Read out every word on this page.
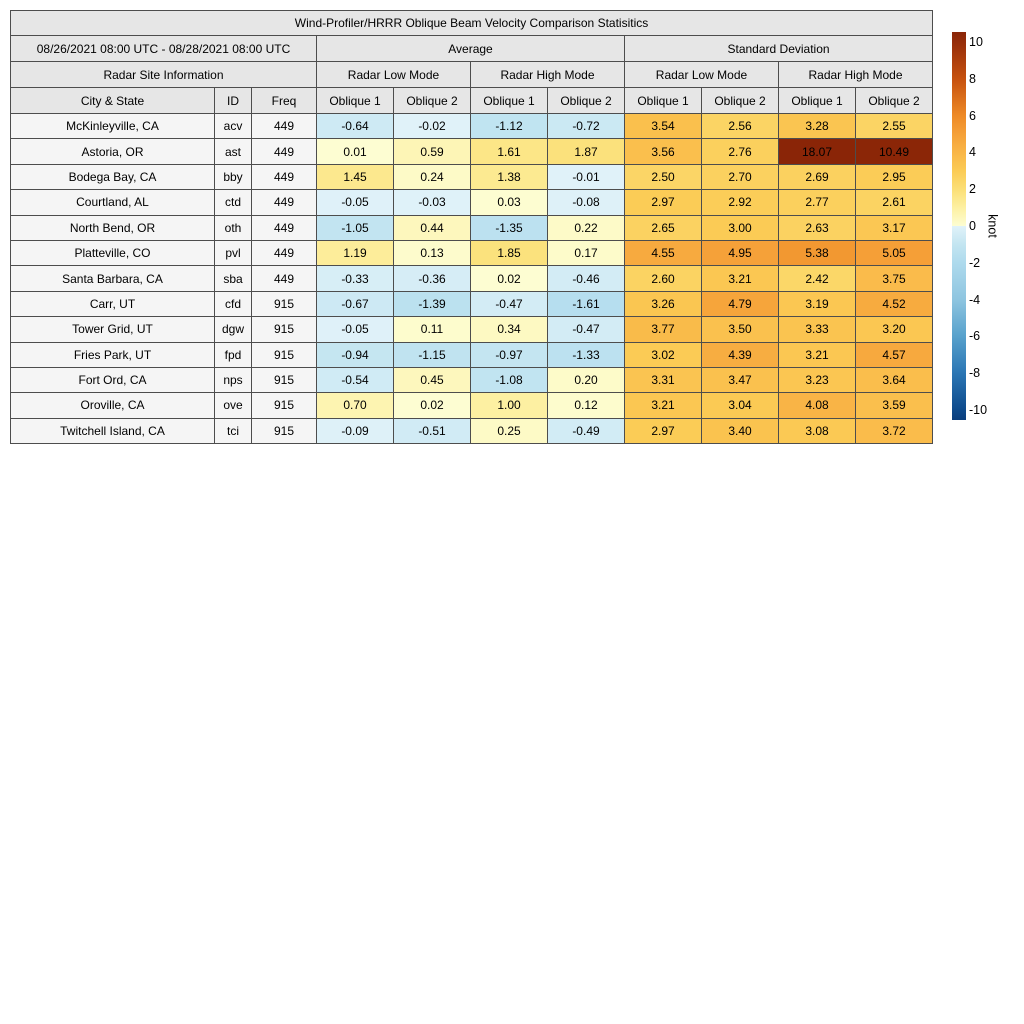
Wind-Profiler/HRRR Oblique Beam Velocity Comparison Statisitics										
08/26/2021 08:00 UTC - 08/28/2021 08:00 UTC			Average				Standard Deviation			
Radar Site Information			Radar Low Mode		Radar High Mode		Radar Low Mode		Radar High Mode	
City & State	ID	Freq	Oblique 1	Oblique 2	Oblique 1	Oblique 2	Oblique 1	Oblique 2	Oblique 1	Oblique 2
McKinleyville, CA	acv	449	-0.64	-0.02	-1.12	-0.72	3.54	2.56	3.28	2.55
Astoria, OR	ast	449	0.01	0.59	1.61	1.87	3.56	2.76	18.07	10.49
Bodega Bay, CA	bby	449	1.45	0.24	1.38	-0.01	2.50	2.70	2.69	2.95
Courtland, AL	ctd	449	-0.05	-0.03	0.03	-0.08	2.97	2.92	2.77	2.61
North Bend, OR	oth	449	-1.05	0.44	-1.35	0.22	2.65	3.00	2.63	3.17
Platteville, CO	pvl	449	1.19	0.13	1.85	0.17	4.55	4.95	5.38	5.05
Santa Barbara, CA	sba	449	-0.33	-0.36	0.02	-0.46	2.60	3.21	2.42	3.75
Carr, UT	cfd	915	-0.67	-1.39	-0.47	-1.61	3.26	4.79	3.19	4.52
Tower Grid, UT	dgw	915	-0.05	0.11	0.34	-0.47	3.77	3.50	3.33	3.20
Fries Park, UT	fpd	915	-0.94	-1.15	-0.97	-1.33	3.02	4.39	3.21	4.57
Fort Ord, CA	nps	915	-0.54	0.45	-1.08	0.20	3.31	3.47	3.23	3.64
Oroville, CA	ove	915	0.70	0.02	1.00	0.12	3.21	3.04	4.08	3.59
Twitchell Island, CA	tci	915	-0.09	-0.51	0.25	-0.49	2.97	3.40	3.08	3.72
10
8
6
4
2
0
-2
-4
-6
-8
-10
knot
